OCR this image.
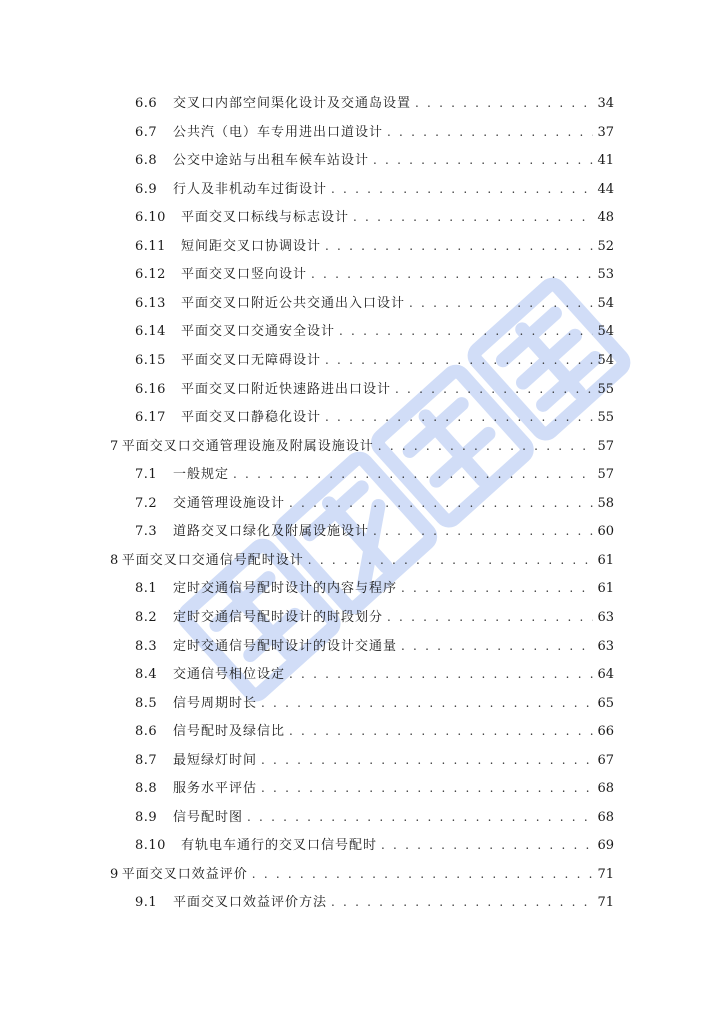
6.6	交叉口内部空间渠化设计及交通岛设置 . . .	34
6.7	公共汽（电）车专用进出口道设计 . . .	37
6.8	公交中途站与出租车候车站设计 . . .	41
6.9	行人及非机动车过街设计 . . .	44
6.10	平面交叉口标线与标志设计 . . .	48
6.11	短间距交叉口协调设计 . . .	52
6.12	平面交叉口竖向设计 . . .	53
6.13	平面交叉口附近公共交通出入口设计 . . .	54
6.14	平面交叉口交通安全设计 . . .	54
6.15	平面交叉口无障碍设计 . . .	54
6.16	平面交叉口附近快速路进出口设计 . . .	55
6.17	平面交叉口静稳化设计 . . .	55
7 平面交叉口交通管理设施及附属设施设计 . . .	57
7.1	一般规定 . . .	57
7.2	交通管理设施设计 . . .	58
7.3	道路交叉口绿化及附属设施设计 . . .	60
8 平面交叉口交通信号配时设计 . . .	61
8.1	定时交通信号配时设计的内容与程序 . . .	61
8.2	定时交通信号配时设计的时段划分 . . .	63
8.3	定时交通信号配时设计的设计交通量 . . .	63
8.4	交通信号相位设定 . . .	64
8.5	信号周期时长 . . .	65
8.6	信号配时及绿信比 . . .	66
8.7	最短绿灯时间 . . .	67
8.8	服务水平评估 . . .	68
8.9	信号配时图 . . .	68
8.10	有轨电车通行的交叉口信号配时 . . .	69
9 平面交叉口效益评价 . . .	71
9.1	平面交叉口效益评价方法 . . .	71
